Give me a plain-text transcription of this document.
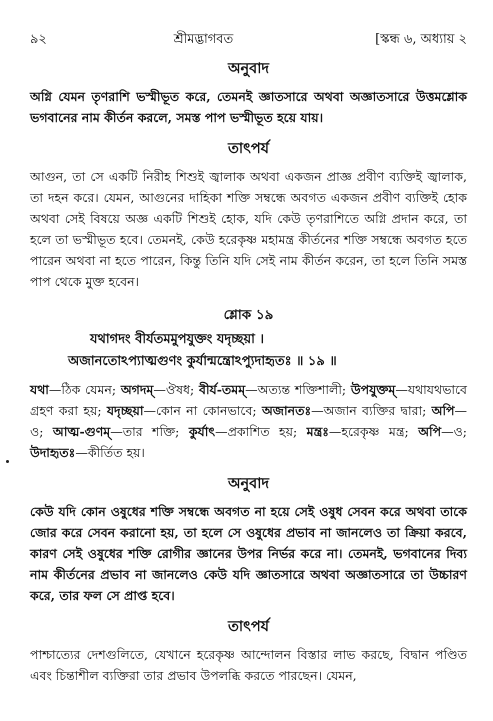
৯২	শ্রীমদ্ভাগবত	[স্কন্ধ ৬, অধ্যায় ২
অনুবাদ

অগ্নি যেমন তৃণরাশি ভস্মীভূত করে, তেমনই জ্ঞাতসারে অথবা অজ্ঞাতসারে উত্তমশ্লোক ভগবানের নাম কীর্তন করলে, সমস্ত পাপ ভস্মীভূত হয়ে যায়।

তাৎপর্য

আগুন, তা সে একটি নিরীহ শিশুই জ্বালাক অথবা একজন প্রাজ্ঞ প্রবীণ ব্যক্তিই জ্বালাক, তা দহন করে। যেমন, আগুনের দাহিকা শক্তি সম্বন্ধে অবগত একজন প্রবীণ ব্যক্তিই হোক অথবা সেই বিষয়ে অজ্ঞ একটি শিশুই হোক, যদি কেউ তৃণরাশিতে অগ্নি প্রদান করে, তা হলে তা ভস্মীভূত হবে। তেমনই, কেউ হরেকৃষ্ণ মহামন্ত্র কীর্তনের শক্তি সম্বন্ধে অবগত হতে পারেন অথবা না হতে পারেন, কিন্তু তিনি যদি সেই নাম কীর্তন করেন, তা হলে তিনি সমস্ত পাপ থেকে মুক্ত হবেন।

শ্লোক ১৯
যথাগদং বীর্যতমমুপযুক্তং যদৃচ্ছয়া ।
অজানতোঽপ্যাত্মগুণং কুর্যান্মন্ত্রোঽপ্যুদাহৃতঃ ॥ ১৯ ॥
যথা—ঠিক যেমন; অগদম্—ঔষধ; বীর্য-তমম্—অত্যন্ত শক্তিশালী; উপযুক্তম্—যথাযথভাবে গ্রহণ করা হয়; যদৃচ্ছয়া—কোন না কোনভাবে; অজানতঃ—অজান ব্যক্তির দ্বারা; অপি—ও; আত্ম-গুণম্—তার শক্তি; কুর্যাৎ—প্রকাশিত হয়; মন্ত্রঃ—হরেকৃষ্ণ মন্ত্র; অপি—ও; উদাহৃতঃ—কীর্তিত হয়।
অনুবাদ

কেউ যদি কোন ওষুধের শক্তি সম্বন্ধে অবগত না হয়ে সেই ওষুধ সেবন করে অথবা তাকে জোর করে সেবন করানো হয়, তা হলে সে ওষুধের প্রভাব না জানলেও তা ক্রিয়া করবে, কারণ সেই ওষুধের শক্তি রোগীর জ্ঞানের উপর নির্ভর করে না। তেমনই, ভগবানের দিব্য নাম কীর্তনের প্রভাব না জানলেও কেউ যদি জ্ঞাতসারে অথবা অজ্ঞাতসারে তা উচ্চারণ করে, তার ফল সে প্রাপ্ত হবে।

তাৎপর্য

পাশ্চাত্যের দেশগুলিতে, যেখানে হরেকৃষ্ণ আন্দোলন বিস্তার লাভ করছে, বিদ্বান পণ্ডিত এবং চিন্তাশীল ব্যক্তিরা তার প্রভাব উপলব্ধি করতে পারছেন। যেমন,
